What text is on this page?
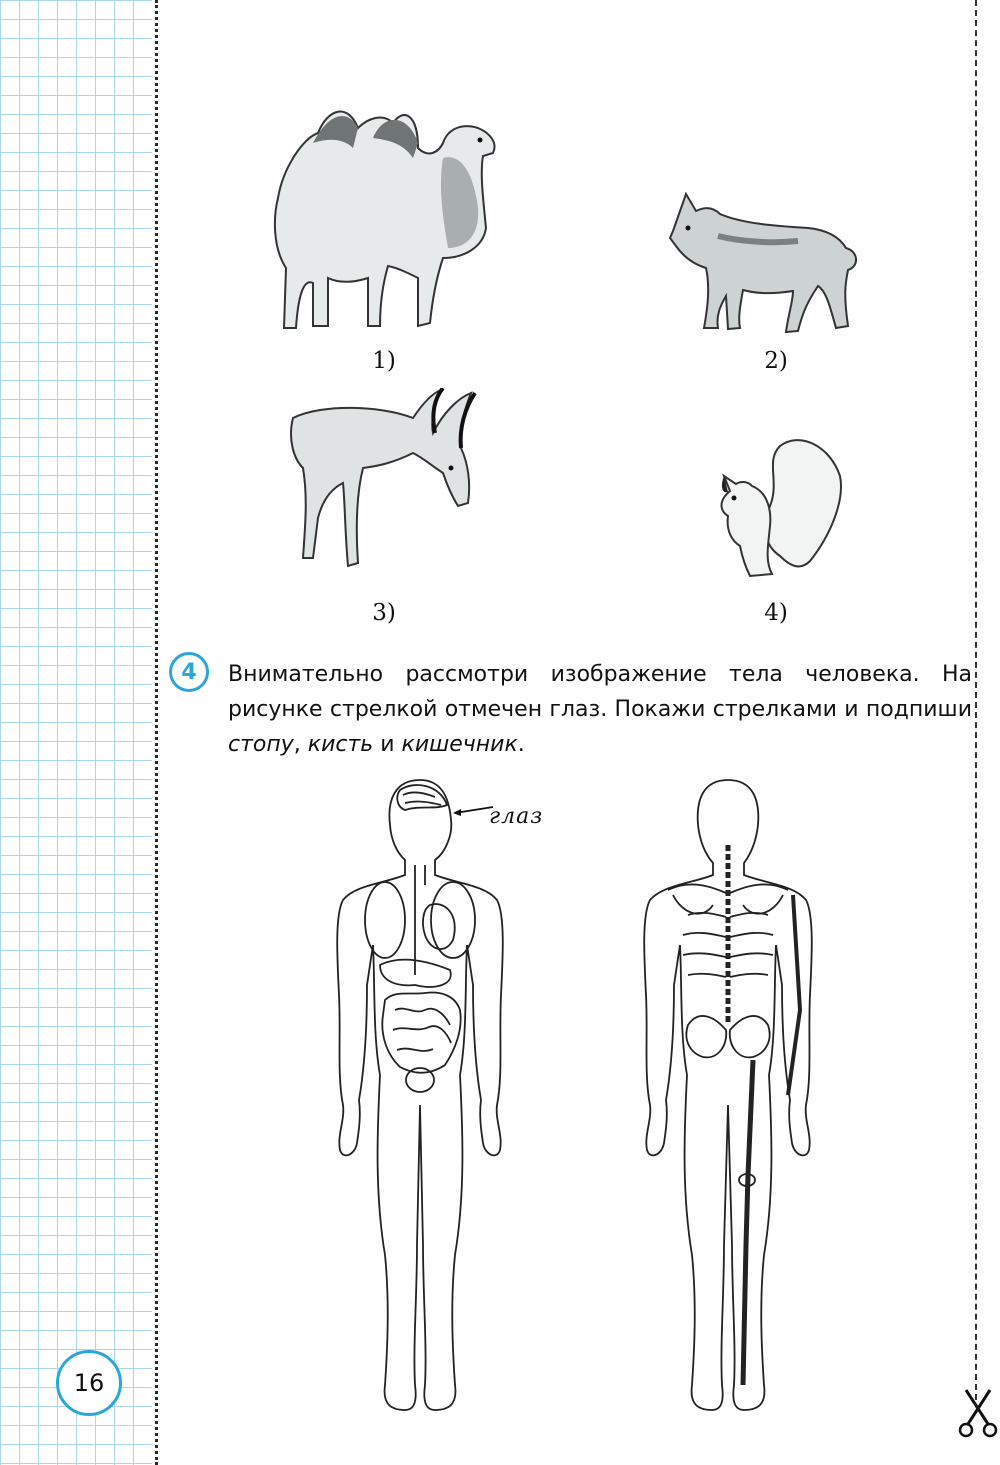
1)	2)
3)	4)
4	Внимательно рассмотри изображение тела человека. На рисунке стрелкой отмечен глаз. Покажи стрелками и подпиши стопу, кисть и кишечник.
глаз
16
